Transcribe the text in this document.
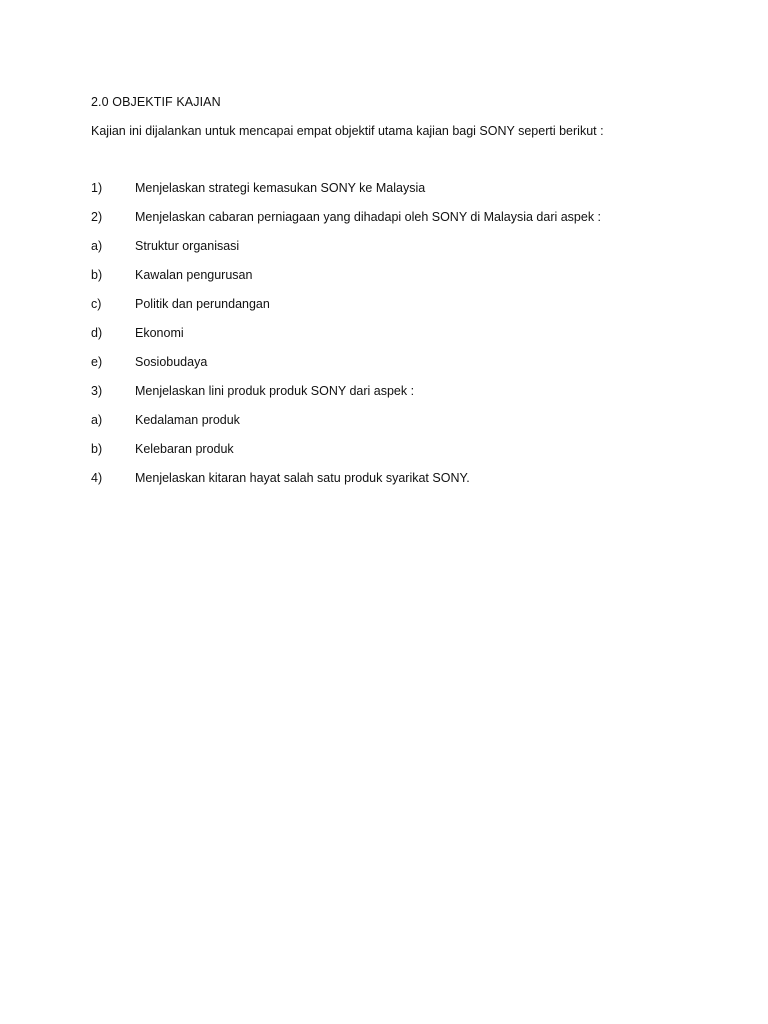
2.0 OBJEKTIF KAJIAN
Kajian ini dijalankan untuk mencapai empat objektif utama kajian bagi SONY seperti berikut :
1)	Menjelaskan strategi kemasukan SONY ke Malaysia
2)	Menjelaskan cabaran perniagaan yang dihadapi oleh SONY di Malaysia dari aspek :
a)	Struktur organisasi
b)	Kawalan pengurusan
c)	Politik dan perundangan
d)	Ekonomi
e)	Sosiobudaya
3)	Menjelaskan lini produk produk SONY dari aspek :
a)	Kedalaman produk
b)	Kelebaran produk
4)	Menjelaskan kitaran hayat salah satu produk syarikat SONY.
